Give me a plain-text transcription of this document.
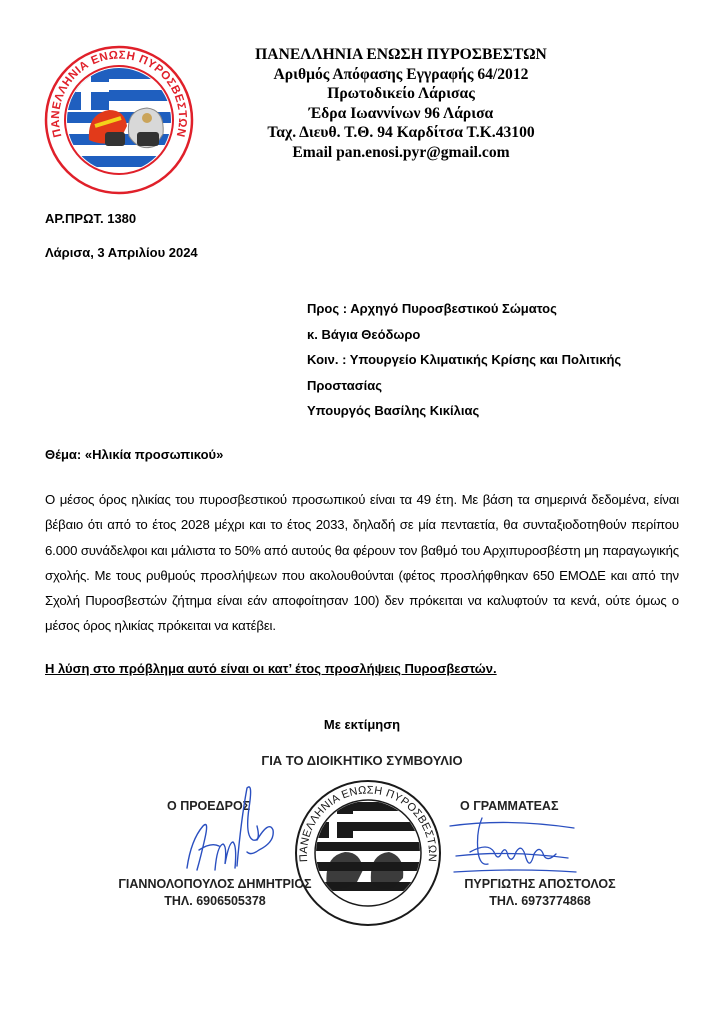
ΠΑΝΕΛΛΗΝΙΑ ΕΝΩΣΗ ΠΥΡΟΣΒΕΣΤΩΝ
ΠΑΝΕΛΛΗΝΙΑ ΕΝΩΣΗ ΠΥΡΟΣΒΕΣΤΩΝ
Αριθμός Απόφασης Εγγραφής 64/2012
Πρωτοδικείο Λάρισας
Έδρα Ιωαννίνων 96 Λάρισα
Ταχ. Διευθ. Τ.Θ. 94 Καρδίτσα Τ.Κ.43100
Email pan.enosi.pyr@gmail.com
ΑΡ.ΠΡΩΤ. 1380
Λάρισα, 3 Απριλίου 2024
Προς : Αρχηγό Πυροσβεστικού Σώματος
κ. Βάγια Θεόδωρο
Κοιν. : Υπουργείο Κλιματικής Κρίσης και Πολιτικής
Προστασίας
Υπουργός Βασίλης Κικίλιας
Θέμα: «Ηλικία προσωπικού»
Ο μέσος όρος ηλικίας του πυροσβεστικού προσωπικού είναι τα 49 έτη. Με βάση τα σημερινά δεδομένα, είναι βέβαιο ότι από το έτος 2028 μέχρι και το έτος 2033, δηλαδή σε μία πενταετία, θα συνταξιοδοτηθούν περίπου 6.000 συνάδελφοι και μάλιστα το 50% από αυτούς θα φέρουν τον βαθμό του Αρχιπυροσβέστη μη παραγωγικής σχολής. Με τους ρυθμούς προσλήψεων που ακολουθούνται (φέτος προσλήφθηκαν 650 ΕΜΟΔΕ και από την Σχολή Πυροσβεστών ζήτημα είναι εάν αποφοίτησαν 100) δεν πρόκειται να καλυφτούν τα κενά, ούτε όμως ο μέσος όρος ηλικίας πρόκειται να κατέβει.
Η λύση στο πρόβλημα αυτό είναι οι κατ’ έτος προσλήψεις Πυροσβεστών.
Με εκτίμηση
ΓΙΑ ΤΟ ΔΙΟΙΚΗΤΙΚΟ ΣΥΜΒΟΥΛΙΟ
ΠΑΝΕΛΛΗΝΙΑ ΕΝΩΣΗ ΠΥΡΟΣΒΕΣΤΩΝ
Ο ΠΡΟΕΔΡΟΣ	Ο ΓΡΑΜΜΑΤΕΑΣ
ΓΙΑΝΝΟΛΟΠΟΥΛΟΣ ΔΗΜΗΤΡΙΟΣ
ΤΗΛ. 6906505378
ΠΥΡΓΙΩΤΗΣ ΑΠΟΣΤΟΛΟΣ
ΤΗΛ. 6973774868
